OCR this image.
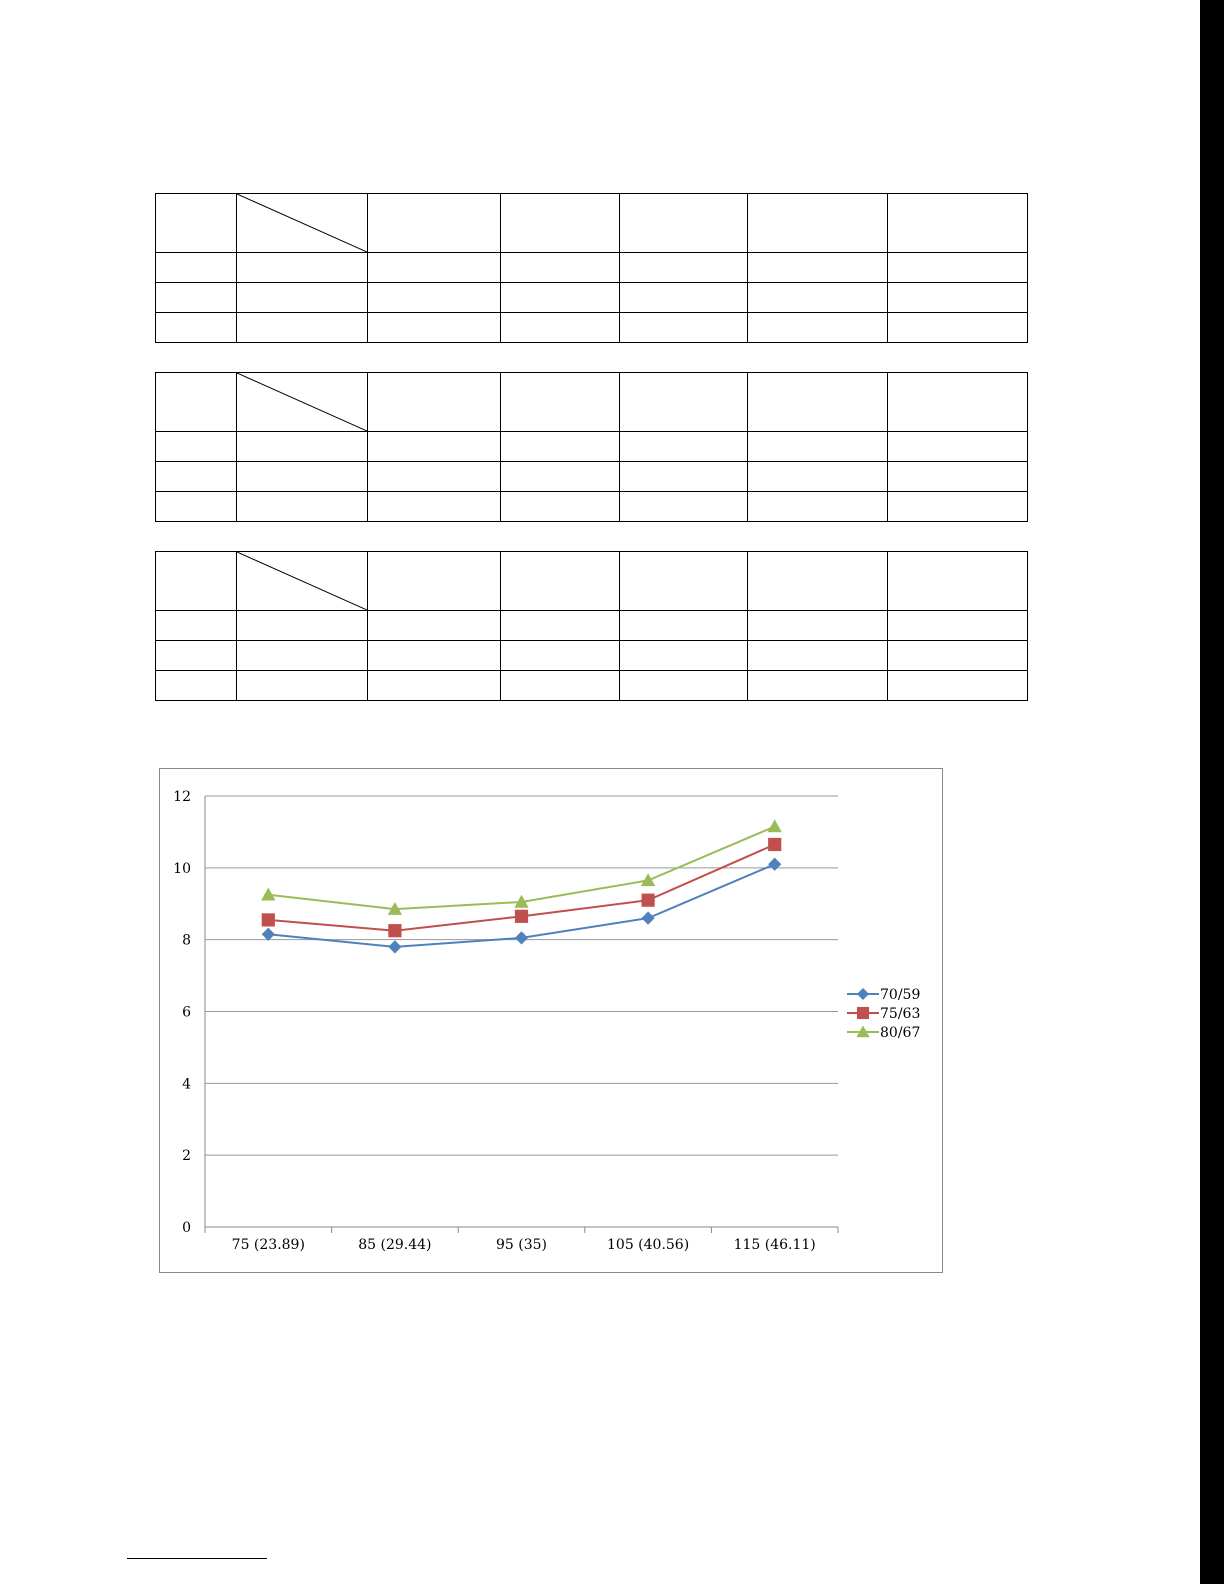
0
2
4
6
8
10
12
75 (23.89)	85 (29.44)	95 (35)	105 (40.56)	115 (46.11)
70/59
75/63
80/67
